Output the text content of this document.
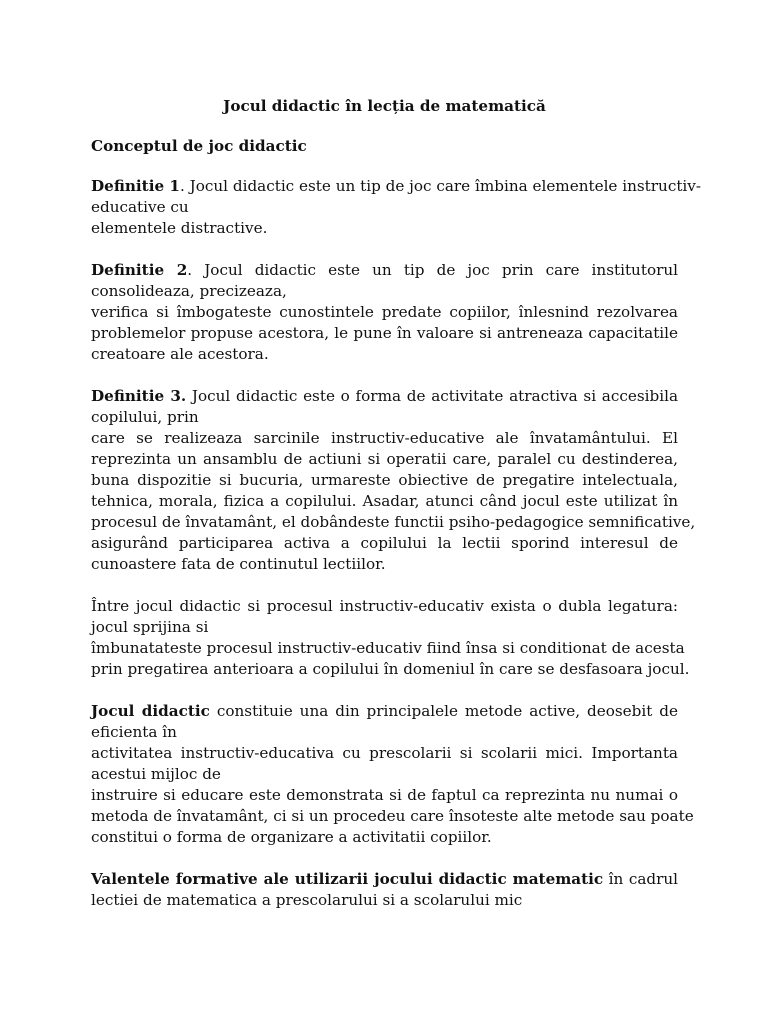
Jocul didactic în lecția de matematică
Conceptul de joc didactic
Definitie 1. Jocul didactic este un tip de joc care îmbina elementele instructiv-
educative cu
elementele distractive.
Definitie 2. Jocul didactic este un tip de joc prin care institutorul
consolideaza, precizeaza,
verifica si îmbogateste cunostintele predate copiilor, înlesnind rezolvarea
problemelor propuse acestora, le pune în valoare si antreneaza capacitatile
creatoare ale acestora.
Definitie 3. Jocul didactic este o forma de activitate atractiva si accesibila
copilului, prin
care se realizeaza sarcinile instructiv-educative ale învatamântului. El
reprezinta un ansamblu de actiuni si operatii care, paralel cu destinderea,
buna dispozitie si bucuria, urmareste obiective de pregatire intelectuala,
tehnica, morala, fizica a copilului. Asadar, atunci când jocul este utilizat în
procesul de învatamânt, el dobândeste functii psiho-pedagogice semnificative,
asigurând participarea activa a copilului la lectii sporind interesul de
cunoastere fata de continutul lectiilor.
Între jocul didactic si procesul instructiv-educativ exista o dubla legatura:
jocul sprijina si
îmbunatateste procesul instructiv-educativ fiind însa si conditionat de acesta
prin pregatirea anterioara a copilului în domeniul în care se desfasoara jocul.
Jocul didactic constituie una din principalele metode active, deosebit de
eficienta în
activitatea instructiv-educativa cu prescolarii si scolarii mici. Importanta
acestui mijloc de
instruire si educare este demonstrata si de faptul ca reprezinta nu numai o
metoda de învatamânt, ci si un procedeu care însoteste alte metode sau poate
constitui o forma de organizare a activitatii copiilor.
Valentele formative ale utilizarii jocului didactic matematic în cadrul
lectiei de matematica a prescolarului si a scolarului mic
